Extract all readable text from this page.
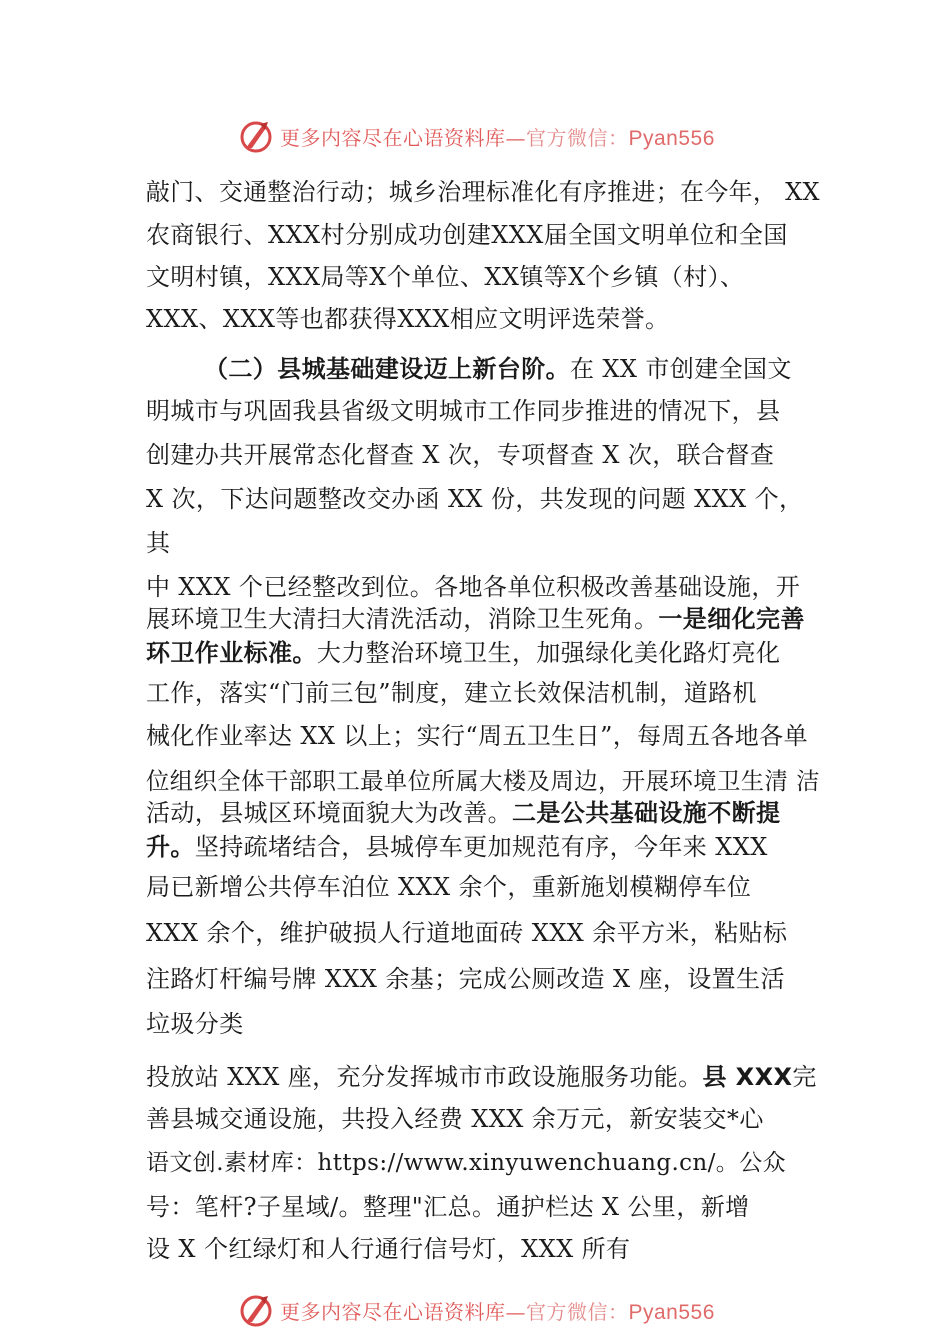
更多内容尽在心语资料库—官方微信：Pyan556
敲门、交通整治行动；城乡治理标准化有序推进；在今年， XX
农商银行、XXX村分别成功创建XXX届全国文明单位和全国
文明村镇，XXX局等X个单位、XX镇等X个乡镇（村）、
XXX、XXX等也都获得XXX相应文明评选荣誉。
（二）县城基础建设迈上新台阶。在 XX 市创建全国文
明城市与巩固我县省级文明城市工作同步推进的情况下，县
创建办共开展常态化督查 X 次，专项督查 X 次，联合督查
X 次，下达问题整改交办函 XX 份，共发现的问题 XXX 个，
其
中 XXX 个已经整改到位。各地各单位积极改善基础设施，开
展环境卫生大清扫大清洗活动，消除卫生死角。一是细化完善
环卫作业标准。大力整治环境卫生，加强绿化美化路灯亮化
工作，落实“门前三包”制度，建立长效保洁机制，道路机
械化作业率达 XX 以上；实行“周五卫生日”，每周五各地各单
位组织全体干部职工最单位所属大楼及周边，开展环境卫生清 洁
活动，县城区环境面貌大为改善。二是公共基础设施不断提
升。坚持疏堵结合，县城停车更加规范有序，今年来 XXX
局已新增公共停车泊位 XXX 余个，重新施划模糊停车位
XXX 余个，维护破损人行道地面砖 XXX 余平方米，粘贴标
注路灯杆编号牌 XXX 余基；完成公厕改造 X 座，设置生活
垃圾分类
投放站 XXX 座，充分发挥城市市政设施服务功能。县 XXX完
善县城交通设施，共投入经费 XXX 余万元，新安装交*心
语文创.素材库：https://www.xinyuwenchuang.cn/。公众
号：笔杆?子星域/。整理"汇总。通护栏达 X 公里，新增
设 X 个红绿灯和人行通行信号灯，XXX 所有
更多内容尽在心语资料库—官方微信：Pyan556
